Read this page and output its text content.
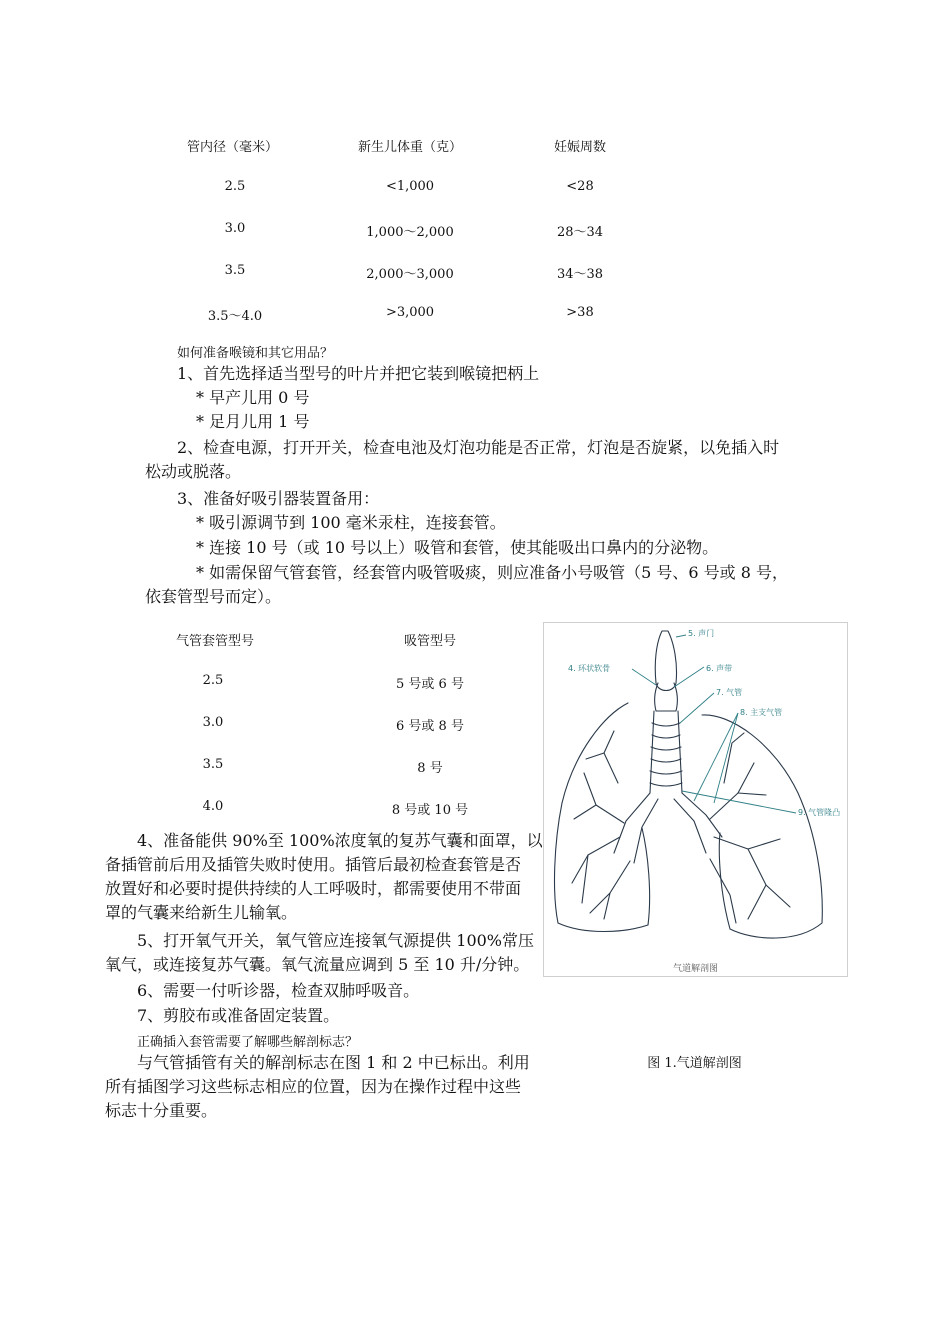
管内径（毫米）	新生儿体重（克）	妊娠周数
2.5	<1,000	<28
3.0	1,000～2,000	28～34
3.5	2,000～3,000	34～38
3.5～4.0	>3,000	>38
如何准备喉镜和其它用品？
1、首先选择适当型号的叶片并把它装到喉镜把柄上
* 早产儿用 0 号
* 足月儿用 1 号
2、检查电源，打开开关，检查电池及灯泡功能是否正常，灯泡是否旋紧，以免插入时
松动或脱落。
3、准备好吸引器装置备用：
* 吸引源调节到 100 毫米汞柱，连接套管。
* 连接 10 号（或 10 号以上）吸管和套管，使其能吸出口鼻内的分泌物。
* 如需保留气管套管，经套管内吸管吸痰，则应准备小号吸管（5 号、6 号或 8 号，
依套管型号而定）。
气管套管型号	吸管型号
2.5	5 号或 6 号
3.0	6 号或 8 号
3.5	8 号
4.0	8 号或 10 号
4、准备能供 90%至 100%浓度氧的复苏气囊和面罩，以
备插管前后用及插管失败时使用。插管后最初检查套管是否
放置好和必要时提供持续的人工呼吸时，都需要使用不带面
罩的气囊来给新生儿输氧。
5、打开氧气开关，氧气管应连接氧气源提供 100%常压
氧气，或连接复苏气囊。氧气流量应调到 5 至 10 升/分钟。
6、需要一付听诊器，检查双肺呼吸音。
7、剪胶布或准备固定装置。
正确插入套管需要了解哪些解剖标志？
与气管插管有关的解剖标志在图 1 和 2 中已标出。利用
所有插图学习这些标志相应的位置，因为在操作过程中这些
标志十分重要。
5. 声门
4. 环状软骨	6. 声带
7. 气管
8. 主支气管
9. 气管隆凸
气道解剖图
图 1.气道解剖图
